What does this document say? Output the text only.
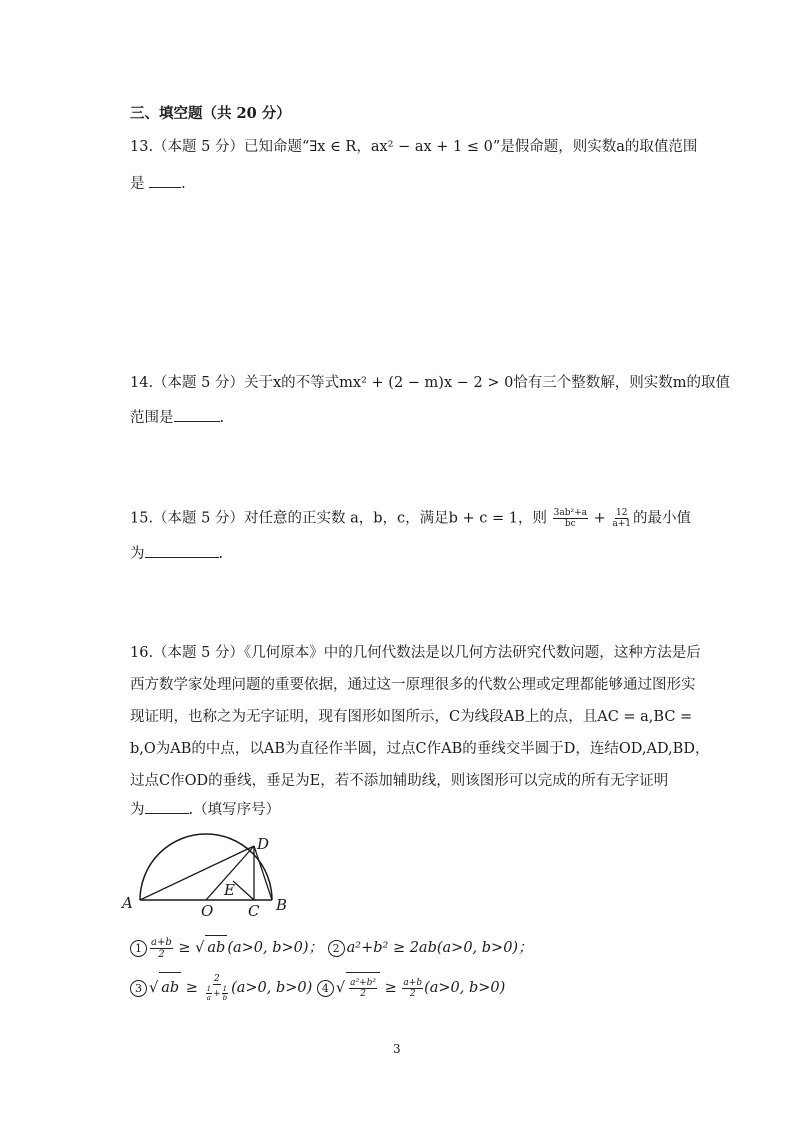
三、填空题（共 20 分）
13.（本题 5 分）已知命题“∃x ∈ R，ax² − ax + 1 ≤ 0”是假命题，则实数a的取值范围
是	.
14.（本题 5 分）关于x的不等式mx² + (2 − m)x − 2 > 0恰有三个整数解，则实数m的取值
范围是	.
15.（本题 5 分）对任意的正实数 a，b，c，满足b + c = 1，则 $\frac{\text{3ab²+a}}{bc} + \frac{12}{a+1}$ 的最小值
为	.
16.（本题 5 分）《几何原本》中的几何代数法是以几何方法研究代数问题，这种方法是后
西方数学家处理问题的重要依据，通过这一原理很多的代数公理或定理都能够通过图形实
现证明，也称之为无字证明，现有图形如图所示，C为线段AB上的点，且AC = a,BC =
b,O为AB的中点，以AB为直径作半圆，过点C作AB的垂线交半圆于D，连结OD,AD,BD，
过点C作OD的垂线，垂足为E，若不添加辅助线，则该图形可以完成的所有无字证明
为	.（填写序号）
A	B
C
D
E
O
$1 \frac{a+b}{2}$ ≥ √ ab (a>0, b>0)； 2 a²+b² ≥ 2ab(a>0, b>0)；
3 √ ab ≥ $\frac{2}{\frac{1}{a} + \frac{1}{b}} (a>0$, b>0) 4 √ $\frac{\text{a²+b²}}{2} \ge \frac{a+b}{2} (a>0$, b>0)
3
